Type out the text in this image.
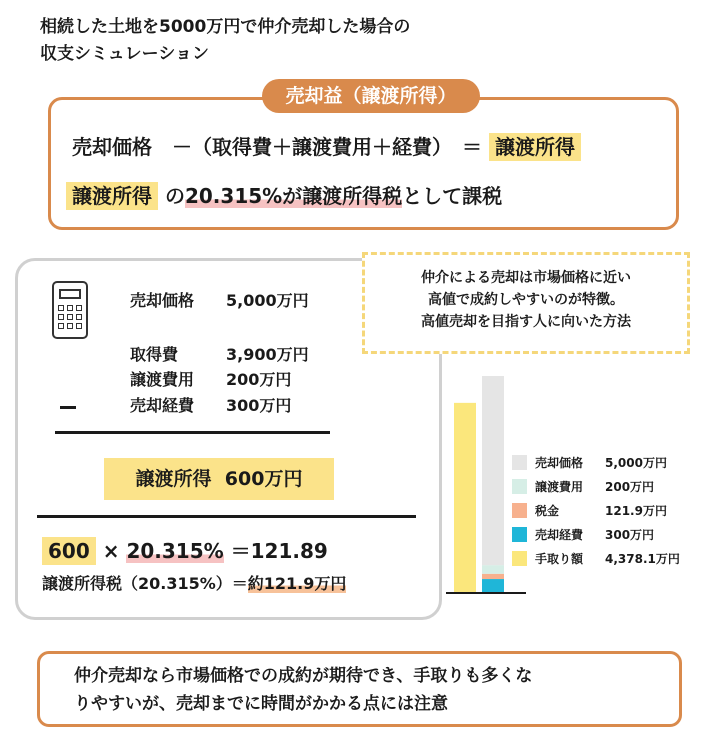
相続した土地を5000万円で仲介売却した場合の
収支シミュレーション
売却益（譲渡所得）
売却価格　－（取得費＋譲渡費用＋経費）　＝ 譲渡所得
譲渡所得 の20.315%が譲渡所得税として課税
売却価格 5,000万円
取得費	3,900万円
譲渡費用 200万円
売却経費 300万円
譲渡所得 600万円
600 × 20.315% ＝121.89
譲渡所得税（20.315%）＝約121.9万円
仲介による売却は市場価格に近い
高値で成約しやすいのが特徴。
高値売却を目指す人に向いた方法
売却価格 5,000万円
譲渡費用 200万円
税金	121.9万円
売却経費 300万円
手取り額 4,378.1万円
仲介売却なら市場価格での成約が期待でき、手取りも多くな
りやすいが、売却までに時間がかかる点には注意
